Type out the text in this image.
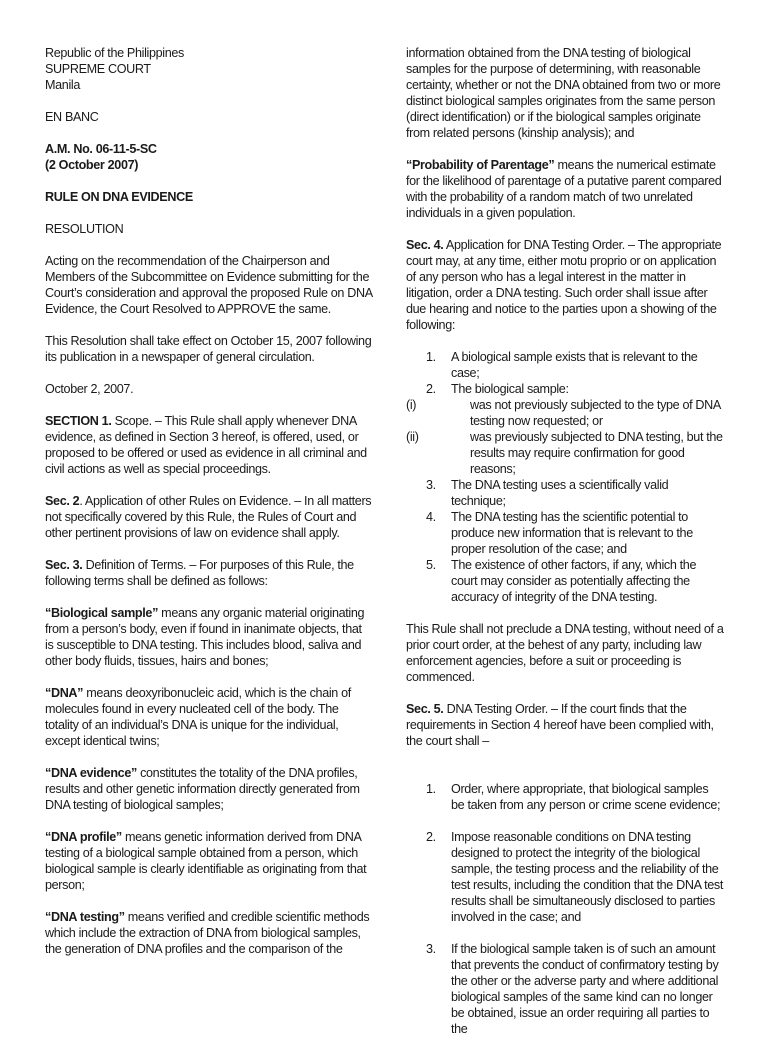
Republic of the Philippines
SUPREME COURT
Manila

EN BANC

A.M. No. 06-11-5-SC

(2 October 2007)

RULE ON DNA EVIDENCE

RESOLUTION

Acting on the recommendation of the Chairperson and Members of the Subcommittee on Evidence submitting for the Court’s consideration and approval the proposed Rule on DNA Evidence, the Court Resolved to APPROVE the same.

This Resolution shall take effect on October 15, 2007 following its publication in a newspaper of general circulation.

October 2, 2007.

SECTION 1. Scope. – This Rule shall apply whenever DNA evidence, as defined in Section 3 hereof, is offered, used, or proposed to be offered or used as evidence in all criminal and civil actions as well as special proceedings.

Sec. 2. Application of other Rules on Evidence. – In all matters not specifically covered by this Rule, the Rules of Court and other pertinent provisions of law on evidence shall apply.

Sec. 3. Definition of Terms. – For purposes of this Rule, the following terms shall be defined as follows:

“Biological sample” means any organic material originating from a person’s body, even if found in inanimate objects, that is susceptible to DNA testing. This includes blood, saliva and other body fluids, tissues, hairs and bones;

“DNA” means deoxyribonucleic acid, which is the chain of molecules found in every nucleated cell of the body. The totality of an individual’s DNA is unique for the individual, except identical twins;

“DNA evidence” constitutes the totality of the DNA profiles, results and other genetic information directly generated from DNA testing of biological samples;

“DNA profile” means genetic information derived from DNA testing of a biological sample obtained from a person, which biological sample is clearly identifiable as originating from that person;

“DNA testing” means verified and credible scientific methods which include the extraction of DNA from biological samples, the generation of DNA profiles and the comparison of the

information obtained from the DNA testing of biological samples for the purpose of determining, with reasonable certainty, whether or not the DNA obtained from two or more distinct biological samples originates from the same person (direct identification) or if the biological samples originate from related persons (kinship analysis); and

“Probability of Parentage” means the numerical estimate for the likelihood of parentage of a putative parent compared with the probability of a random match of two unrelated individuals in a given population.

Sec. 4. Application for DNA Testing Order. – The appropriate court may, at any time, either motu proprio or on application of any person who has a legal interest in the matter in litigation, order a DNA testing. Such order shall issue after due hearing and notice to the parties upon a showing of the following:

1. A biological sample exists that is relevant to the case;
2. The biological sample:
(i)	was not previously subjected to the type of DNA testing now requested; or
(ii)	was previously subjected to DNA testing, but the results may require confirmation for good reasons;
3. The DNA testing uses a scientifically valid technique;
4. The DNA testing has the scientific potential to produce new information that is relevant to the proper resolution of the case; and
5. The existence of other factors, if any, which the court may consider as potentially affecting the accuracy of integrity of the DNA testing.

This Rule shall not preclude a DNA testing, without need of a prior court order, at the behest of any party, including law enforcement agencies, before a suit or proceeding is commenced.

Sec. 5. DNA Testing Order. – If the court finds that the requirements in Section 4 hereof have been complied with, the court shall –

1. Order, where appropriate, that biological samples be taken from any person or crime scene evidence;
2. Impose reasonable conditions on DNA testing designed to protect the integrity of the biological sample, the testing process and the reliability of the test results, including the condition that the DNA test results shall be simultaneously disclosed to parties involved in the case; and
3. If the biological sample taken is of such an amount that prevents the conduct of confirmatory testing by the other or the adverse party and where additional biological samples of the same kind can no longer be obtained, issue an order requiring all parties to the
